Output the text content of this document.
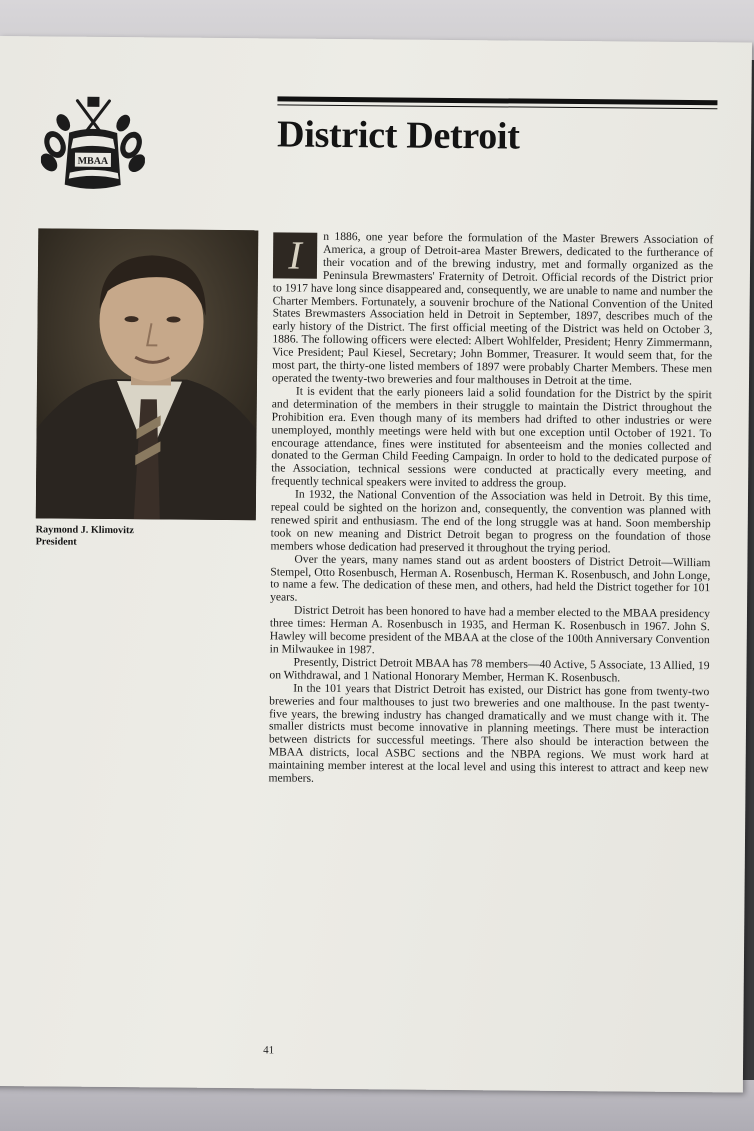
MBAA
District Detroit
Raymond J. Klimovitz
President

I	n 1886, one year before the formulation of the Master Brewers Association of America, a group of Detroit-area Master Brewers, dedicated to the furtherance of their vocation and of the brewing industry, met and formally organized as the Peninsula Brewmasters' Fraternity of Detroit. Official records of the District prior to 1917 have long since disappeared and, consequently, we are unable to name and number the Charter Members. Fortunately, a souvenir brochure of the National Convention of the United States Brewmasters Association held in Detroit in September, 1897, describes much of the early history of the District. The first official meeting of the District was held on October 3, 1886. The following officers were elected: Albert Wohlfelder, President; Henry Zimmermann, Vice President; Paul Kiesel, Secretary; John Bommer, Treasurer. It would seem that, for the most part, the thirty-one listed members of 1897 were probably Charter Members. These men operated the twenty-two breweries and four malthouses in Detroit at the time.

It is evident that the early pioneers laid a solid foundation for the District by the spirit and determination of the members in their struggle to maintain the District throughout the Prohibition era. Even though many of its members had drifted to other industries or were unemployed, monthly meetings were held with but one exception until October of 1921. To encourage attendance, fines were instituted for absenteeism and the monies collected and donated to the German Child Feeding Campaign. In order to hold to the dedicated purpose of the Association, technical sessions were conducted at practically every meeting, and frequently technical speakers were invited to address the group.

In 1932, the National Convention of the Association was held in Detroit. By this time, repeal could be sighted on the horizon and, consequently, the convention was planned with renewed spirit and enthusiasm. The end of the long struggle was at hand. Soon membership took on new meaning and District Detroit began to progress on the foundation of those members whose dedication had preserved it throughout the trying period.

Over the years, many names stand out as ardent boosters of District Detroit—William Stempel, Otto Rosenbusch, Herman A. Rosenbusch, Herman K. Rosenbusch, and John Longe, to name a few. The dedication of these men, and others, had held the District together for 101 years.

District Detroit has been honored to have had a member elected to the MBAA presidency three times: Herman A. Rosenbusch in 1935, and Herman K. Rosenbusch in 1967. John S. Hawley will become president of the MBAA at the close of the 100th Anniversary Convention in Milwaukee in 1987.

Presently, District Detroit MBAA has 78 members—40 Active, 5 Associate, 13 Allied, 19 on Withdrawal, and 1 National Honorary Member, Herman K. Rosenbusch.

In the 101 years that District Detroit has existed, our District has gone from twenty-two breweries and four malthouses to just two breweries and one malthouse. In the past twenty-five years, the brewing industry has changed dramatically and we must change with it. The smaller districts must become innovative in planning meetings. There must be interaction between districts for successful meetings. There also should be interaction between the MBAA districts, local ASBC sections and the NBPA regions. We must work hard at maintaining member interest at the local level and using this interest to attract and keep new members.

41
